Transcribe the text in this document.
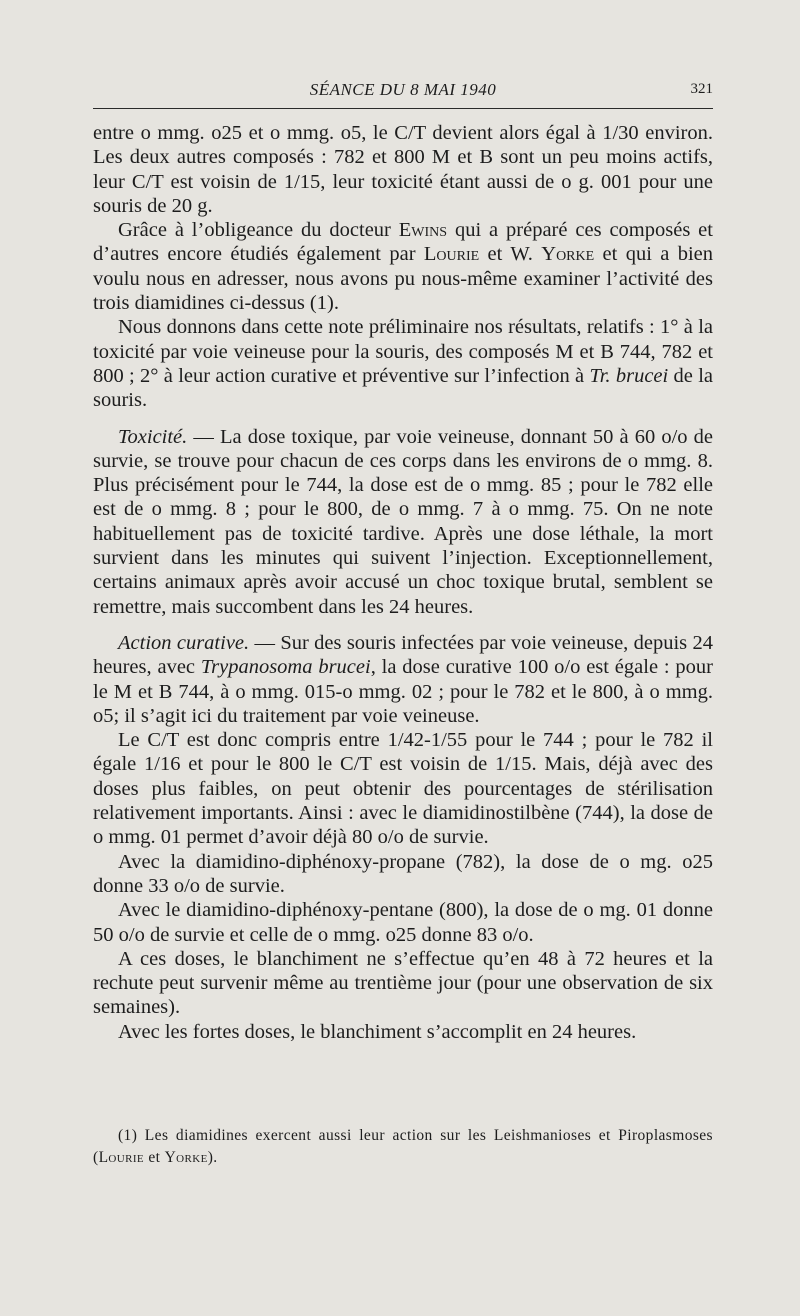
SÉANCE DU 8 MAI 1940	321

entre o mmg. o25 et o mmg. o5, le C/T devient alors égal à 1/30 environ. Les deux autres composés : 782 et 800 M et B sont un peu moins actifs, leur C/T est voisin de 1/15, leur toxicité étant aussi de o g. 001 pour une souris de 20 g.

Grâce à l’obligeance du docteur Ewins qui a préparé ces composés et d’autres encore étudiés également par Lourie et W. Yorke et qui a bien voulu nous en adresser, nous avons pu nous-même examiner l’activité des trois diamidines ci-dessus (1).

Nous donnons dans cette note préliminaire nos résultats, relatifs : 1° à la toxicité par voie veineuse pour la souris, des composés M et B 744, 782 et 800 ; 2° à leur action curative et préventive sur l’infection à Tr. brucei de la souris.

Toxicité. — La dose toxique, par voie veineuse, donnant 50 à 60 o/o de survie, se trouve pour chacun de ces corps dans les environs de o mmg. 8. Plus précisément pour le 744, la dose est de o mmg. 85 ; pour le 782 elle est de o mmg. 8 ; pour le 800, de o mmg. 7 à o mmg. 75. On ne note habituellement pas de toxicité tardive. Après une dose léthale, la mort survient dans les minutes qui suivent l’injection. Exceptionnellement, certains animaux après avoir accusé un choc toxique brutal, semblent se remettre, mais succombent dans les 24 heures.

Action curative. — Sur des souris infectées par voie veineuse, depuis 24 heures, avec Trypanosoma brucei, la dose curative 100 o/o est égale : pour le M et B 744, à o mmg. 015-o mmg. 02 ; pour le 782 et le 800, à o mmg. o5; il s’agit ici du traitement par voie veineuse.

Le C/T est donc compris entre 1/42-1/55 pour le 744 ; pour le 782 il égale 1/16 et pour le 800 le C/T est voisin de 1/15. Mais, déjà avec des doses plus faibles, on peut obtenir des pourcentages de stérilisation relativement importants. Ainsi : avec le diamidinostilbène (744), la dose de o mmg. 01 permet d’avoir déjà 80 o/o de survie.

Avec la diamidino-diphénoxy-propane (782), la dose de o mg. o25 donne 33 o/o de survie.

Avec le diamidino-diphénoxy-pentane (800), la dose de o mg. 01 donne 50 o/o de survie et celle de o mmg. o25 donne 83 o/o.

A ces doses, le blanchiment ne s’effectue qu’en 48 à 72 heures et la rechute peut survenir même au trentième jour (pour une observation de six semaines).

Avec les fortes doses, le blanchiment s’accomplit en 24 heures.

(1) Les diamidines exercent aussi leur action sur les Leishmanioses et Piroplasmoses (Lourie et Yorke).
